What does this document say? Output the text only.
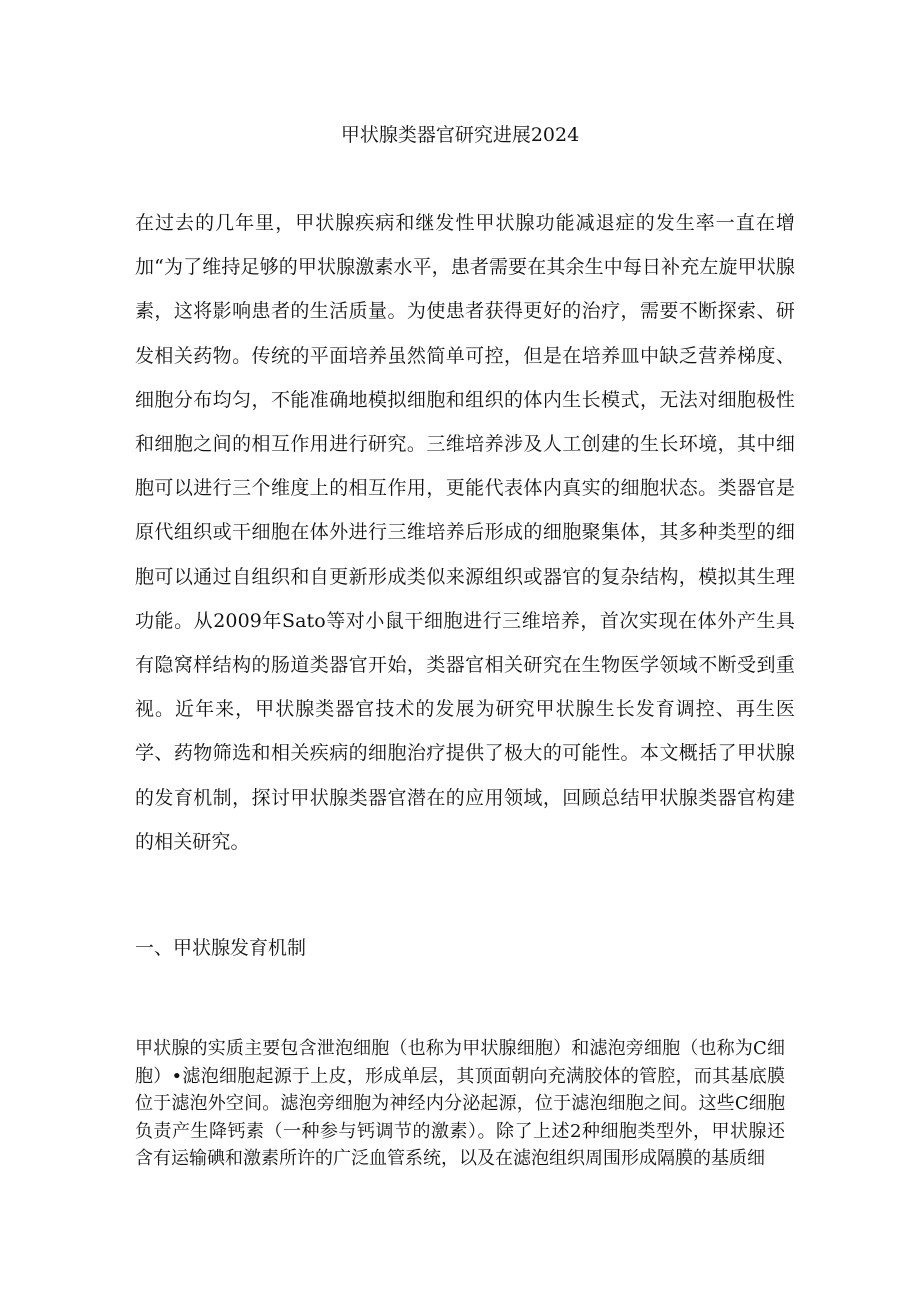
甲状腺类器官研究进展2024

在过去的几年里，甲状腺疾病和继发性甲状腺功能减退症的发生率一直在增加“为了维持足够的甲状腺激素水平，患者需要在其余生中每日补充左旋甲状腺素，这将影响患者的生活质量。为使患者获得更好的治疗，需要不断探索、研发相关药物。传统的平面培养虽然简单可控，但是在培养皿中缺乏营养梯度、细胞分布均匀，不能准确地模拟细胞和组织的体内生长模式，无法对细胞极性和细胞之间的相互作用进行研究。三维培养涉及人工创建的生长环境，其中细胞可以进行三个维度上的相互作用，更能代表体内真实的细胞状态。类器官是原代组织或干细胞在体外进行三维培养后形成的细胞聚集体，其多种类型的细胞可以通过自组织和自更新形成类似来源组织或器官的复杂结构，模拟其生理功能。从2009年Sato等对小鼠干细胞进行三维培养，首次实现在体外产生具有隐窝样结构的肠道类器官开始，类器官相关研究在生物医学领域不断受到重视。近年来，甲状腺类器官技术的发展为研究甲状腺生长发育调控、再生医学、药物筛选和相关疾病的细胞治疗提供了极大的可能性。本文概括了甲状腺的发育机制，探讨甲状腺类器官潜在的应用领域，回顾总结甲状腺类器官构建的相关研究。

一、甲状腺发育机制

甲状腺的实质主要包含泄泡细胞（也称为甲状腺细胞）和滤泡旁细胞（也称为C细胞）•滤泡细胞起源于上皮，形成单层，其顶面朝向充满胶体的管腔，而其基底膜位于滤泡外空间。滤泡旁细胞为神经内分泌起源，位于滤泡细胞之间。这些C细胞负责产生降钙素（一种参与钙调节的激素）。除了上述2种细胞类型外，甲状腺还含有运输碘和激素所许的广泛血管系统，以及在滤泡组织周围形成隔膜的基质细
